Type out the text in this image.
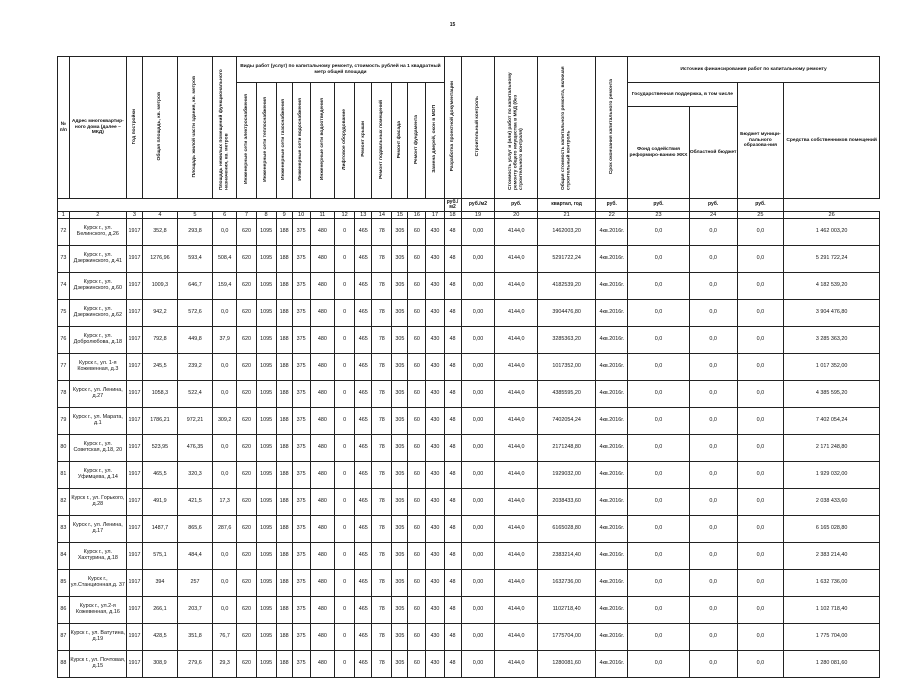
15
№ п/п	Адрес многоквартир-ного дома (далее – МКД)	Год постройки	Общая площадь, кв. метров	Площадь жилой части здания, кв. метров	Площадь нежилых помещений функционального назначения, кв. метров	Виды работ (услуг) по капитальному ремонту, стоимость рублей на 1 квадратный метр общей площади											Разработка проектной документации	Строительный контроль	Стоимость услуг и (или) работ по капитальному ремонту общего имущества в МКД (без строительного контроля)	Общая стоимость капитального ремонта, включая строительный контроль	Срок окончания капитального ремонта	Источник финансирования работ по капитальному ремонту			
						Инженерные сети электроснабжения	Инженерные сети теплоснабжения	Инженерные сети газоснабжения	Инженерные сети водоснабжения	Инженерные сети водоотведения	Лифтовое оборудование	Ремонт крыши	Ремонт подвальных помещений	Ремонт фасада	Ремонт фундамента	Замена дверей, окон в МОП						Государственная поддержка, в том числе		Бюджет муници-пального образова-ния	Средства собственников помещений
																						Фонд содействия реформиро-ванию ЖКХ	Областной бюджет		
																	руб./м2	руб./м2	руб.	квартал, год	руб.	руб.	руб.	руб.	
1	2	3	4	5	6	7	8	9	10	11	12	13	14	15	16	17	18	19	20	21	22	23	24	25	26
72	Курск г., ул. Белинского, д.26	1917	352,8	293,8	0,0	620	1095	188	375	480	0	465	78	305	60	430	48	0,00	4144,0	1462003,20	4кв.2016г.	0,0	0,0	0,0	1 462 003,20
73	Курск г., ул. Дзержинского, д.41	1917	1276,96	593,4	508,4	620	1095	188	375	480	0	465	78	305	60	430	48	0,00	4144,0	5291722,24	4кв.2016г.	0,0	0,0	0,0	5 291 722,24
74	Курск г., ул. Дзержинского, д.60	1917	1009,3	646,7	159,4	620	1095	188	375	480	0	465	78	305	60	430	48	0,00	4144,0	4182539,20	4кв.2016г.	0,0	0,0	0,0	4 182 539,20
75	Курск г., ул. Дзержинского, д.62	1917	942,2	572,6	0,0	620	1095	188	375	480	0	465	78	305	60	430	48	0,00	4144,0	3904476,80	4кв.2016г.	0,0	0,0	0,0	3 904 476,80
76	Курск г., ул. Добролюбова, д.18	1917	792,8	449,8	37,9	620	1095	188	375	480	0	465	78	305	60	430	48	0,00	4144,0	3285363,20	4кв.2016г.	0,0	0,0	0,0	3 285 363,20
77	Курск г., ул. 1-я Кожевенная, д.3	1917	245,5	239,2	0,0	620	1095	188	375	480	0	465	78	305	60	430	48	0,00	4144,0	1017352,00	4кв.2016г.	0,0	0,0	0,0	1 017 352,00
78	Курск г., ул. Ленина, д.27	1917	1058,3	522,4	0,0	620	1095	188	375	480	0	465	78	305	60	430	48	0,00	4144,0	4385595,20	4кв.2016г.	0,0	0,0	0,0	4 385 595,20
79	Курск г., ул. Марата, д.1	1917	1786,21	972,21	309,2	620	1095	188	375	480	0	465	78	305	60	430	48	0,00	4144,0	7402054,24	4кв.2016г.	0,0	0,0	0,0	7 402 054,24
80	Курск г., ул. Советская, д.18, 20	1917	523,95	476,35	0,0	620	1095	188	375	480	0	465	78	305	60	430	48	0,00	4144,0	2171248,80	4кв.2016г.	0,0	0,0	0,0	2 171 248,80
81	Курск г., ул. Уфимцева, д.14	1917	465,5	320,3	0,0	620	1095	188	375	480	0	465	78	305	60	430	48	0,00	4144,0	1929032,00	4кв.2016г.	0,0	0,0	0,0	1 929 032,00
82	Курск г., ул. Горького, д.28	1917	491,9	421,5	17,3	620	1095	188	375	480	0	465	78	305	60	430	48	0,00	4144,0	2038433,60	4кв.2016г.	0,0	0,0	0,0	2 038 433,60
83	Курск г., ул. Ленина, д.17	1917	1487,7	865,6	287,6	620	1095	188	375	480	0	465	78	305	60	430	48	0,00	4144,0	6165028,80	4кв.2016г.	0,0	0,0	0,0	6 165 028,80
84	Курск г., ул. Хахтурина, д.18	1917	575,1	484,4	0,0	620	1095	188	375	480	0	465	78	305	60	430	48	0,00	4144,0	2383214,40	4кв.2016г.	0,0	0,0	0,0	2 383 214,40
85	Курск г., ул.Станционная,д. 37	1917	394	257	0,0	620	1095	188	375	480	0	465	78	305	60	430	48	0,00	4144,0	1632736,00	4кв.2016г.	0,0	0,0	0,0	1 632 736,00
86	Курск г., ул.2-я Кожевенная, д.16	1917	266,1	203,7	0,0	620	1095	188	375	480	0	465	78	305	60	430	48	0,00	4144,0	1102718,40	4кв.2016г.	0,0	0,0	0,0	1 102 718,40
87	Курск г., ул. Ватутина, д.19	1917	428,5	351,8	76,7	620	1095	188	375	480	0	465	78	305	60	430	48	0,00	4144,0	1775704,00	4кв.2016г.	0,0	0,0	0,0	1 775 704,00
88	Курск г., ул. Почтовая, д.15	1917	308,9	279,6	29,3	620	1095	188	375	480	0	465	78	305	60	430	48	0,00	4144,0	1280081,60	4кв.2016г.	0,0	0,0	0,0	1 280 081,60
